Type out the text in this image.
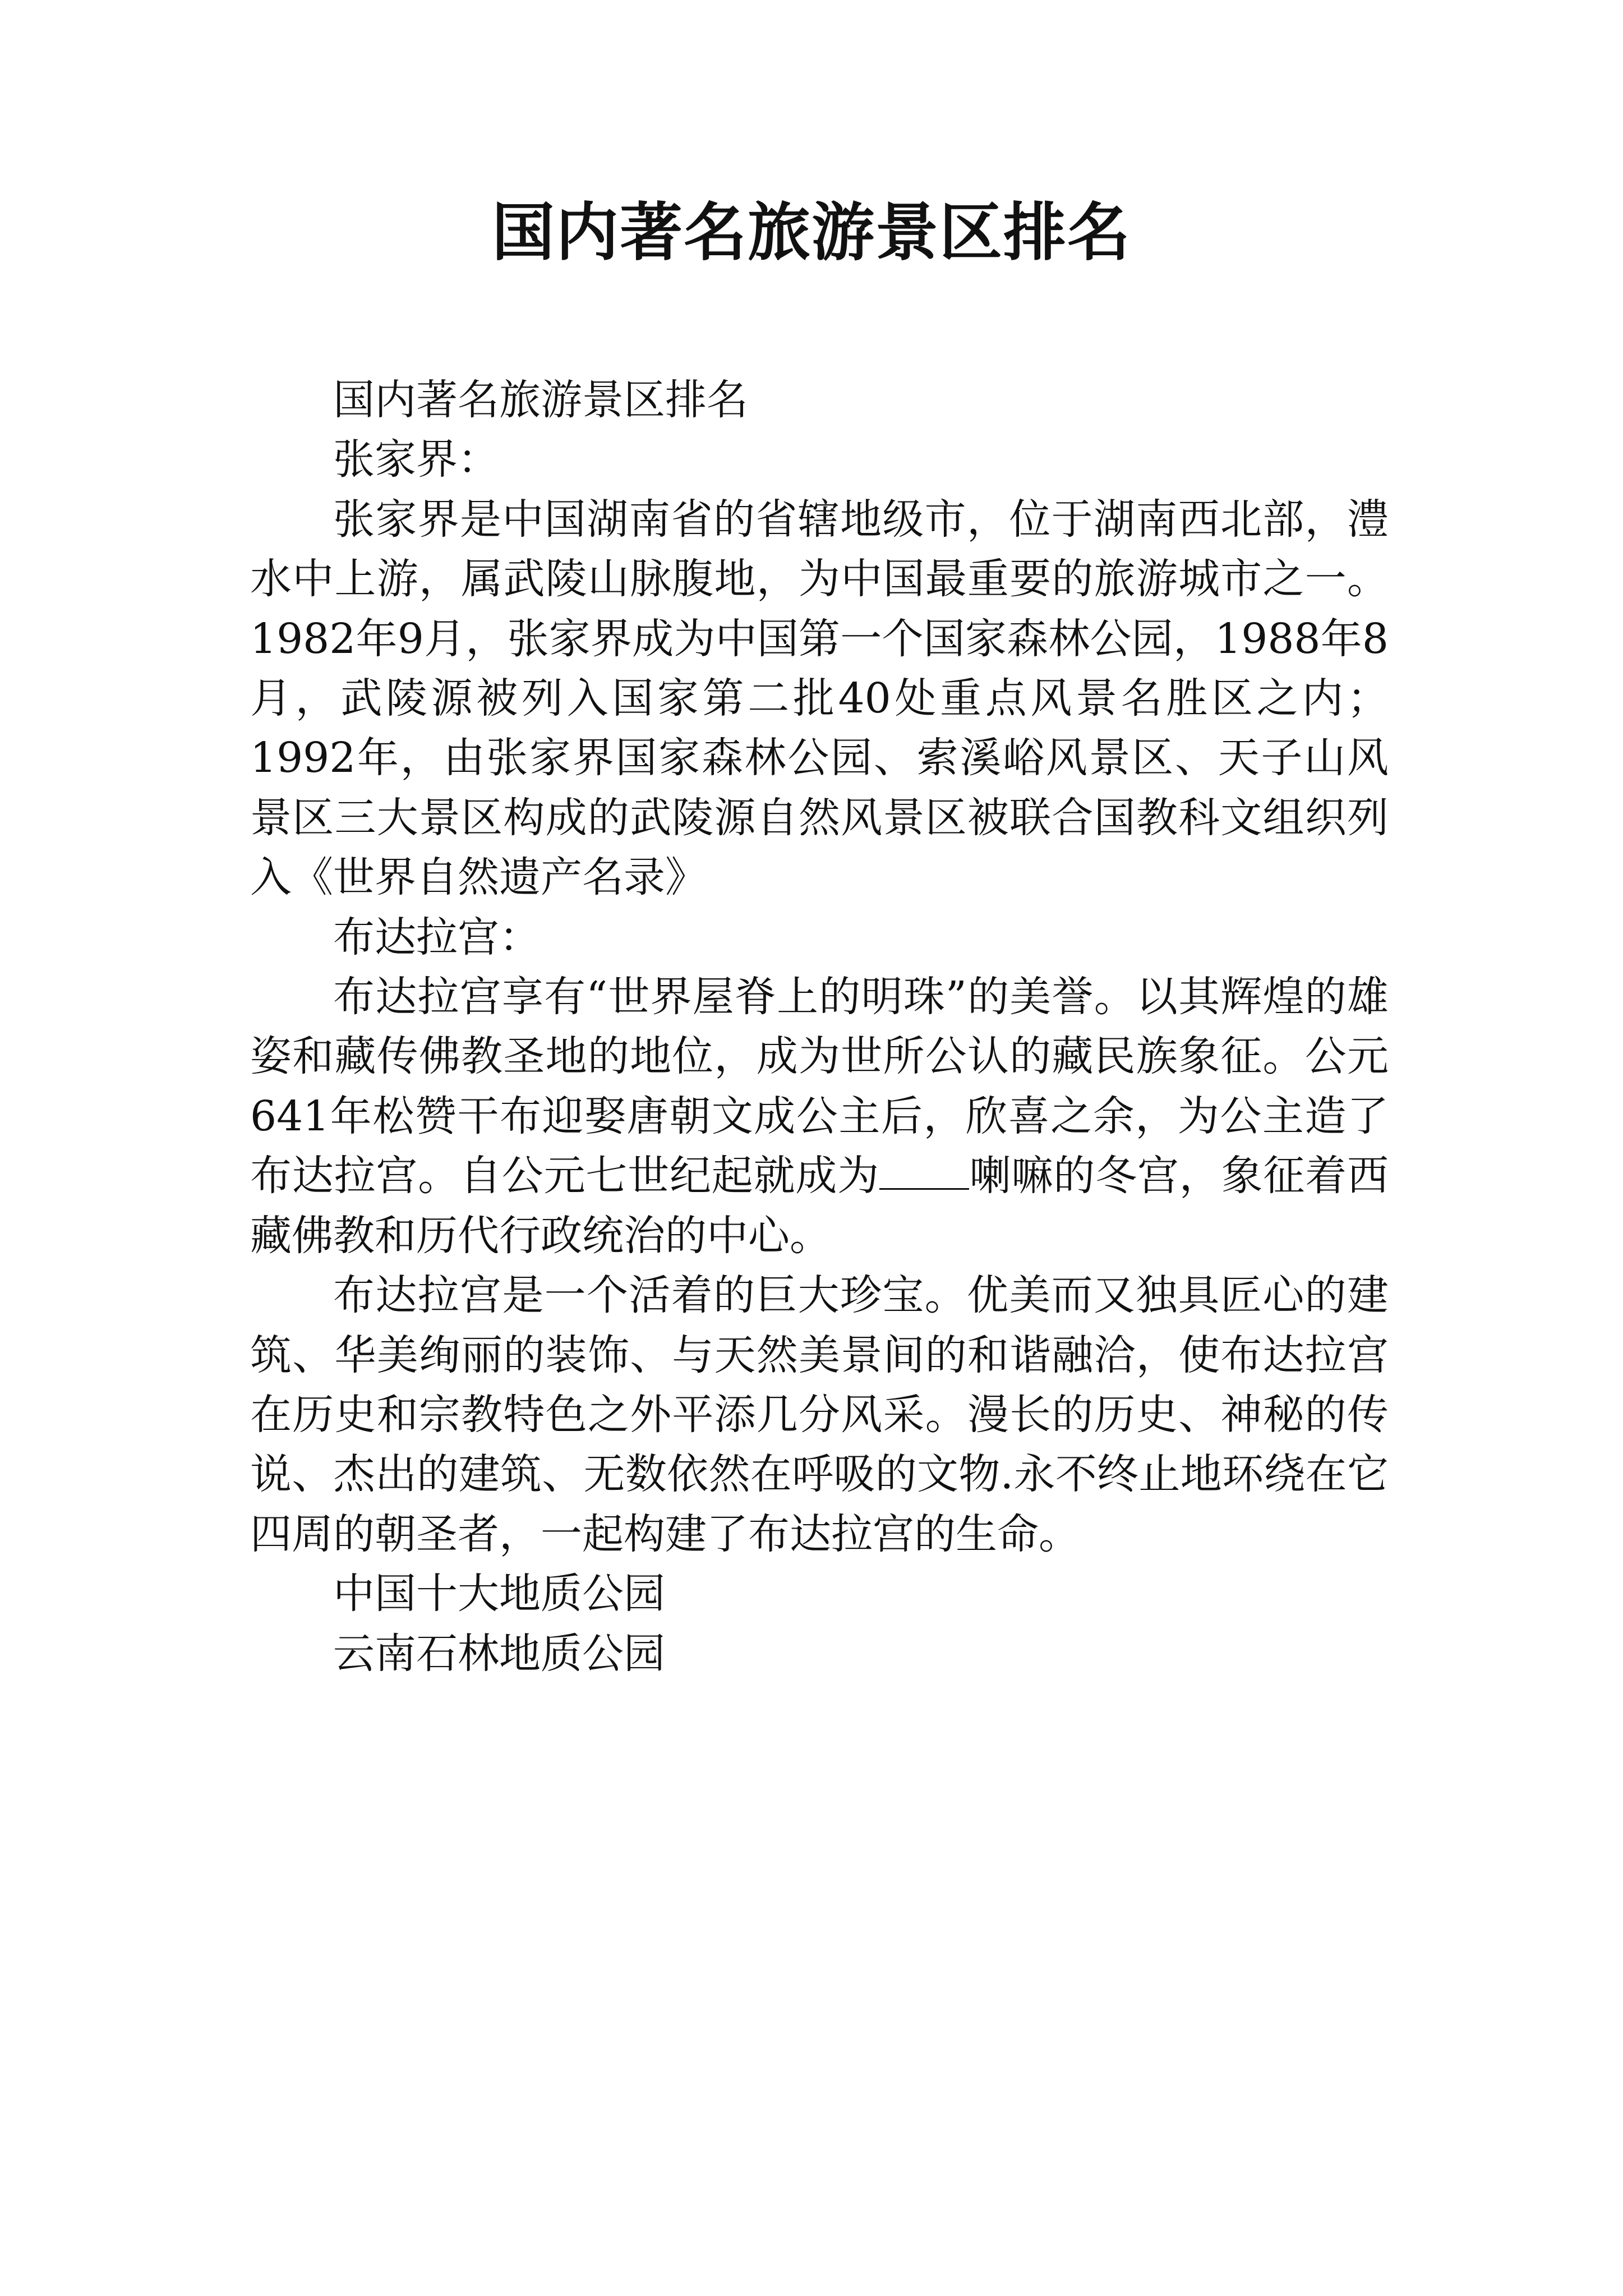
国内著名旅游景区排名

国内著名旅游景区排名

张家界：

张家界是中国湖南省的省辖地级市，位于湖南西北部，澧水中上游，属武陵山脉腹地，为中国最重要的旅游城市之一。1982年9月，张家界成为中国第一个国家森林公园，1988年8月，武陵源被列入国家第二批40处重点风景名胜区之内；1992年，由张家界国家森林公园、索溪峪风景区、天子山风景区三大景区构成的武陵源自然风景区被联合国教科文组织列入《世界自然遗产名录》

布达拉宫：

布达拉宫享有“世界屋脊上的明珠”的美誉。以其辉煌的雄姿和藏传佛教圣地的地位，成为世所公认的藏民族象征。公元641年松赞干布迎娶唐朝文成公主后，欣喜之余，为公主造了布达拉宫。自公元七世纪起就成为 喇嘛的冬宫，象征着西藏佛教和历代行政统治的中心。

布达拉宫是一个活着的巨大珍宝。优美而又独具匠心的建筑、华美绚丽的装饰、与天然美景间的和谐融洽，使布达拉宫在历史和宗教特色之外平添几分风采。漫长的历史、神秘的传说、杰出的建筑、无数依然在呼吸的文物.永不终止地环绕在它四周的朝圣者，一起构建了布达拉宫的生命。

中国十大地质公园

云南石林地质公园
